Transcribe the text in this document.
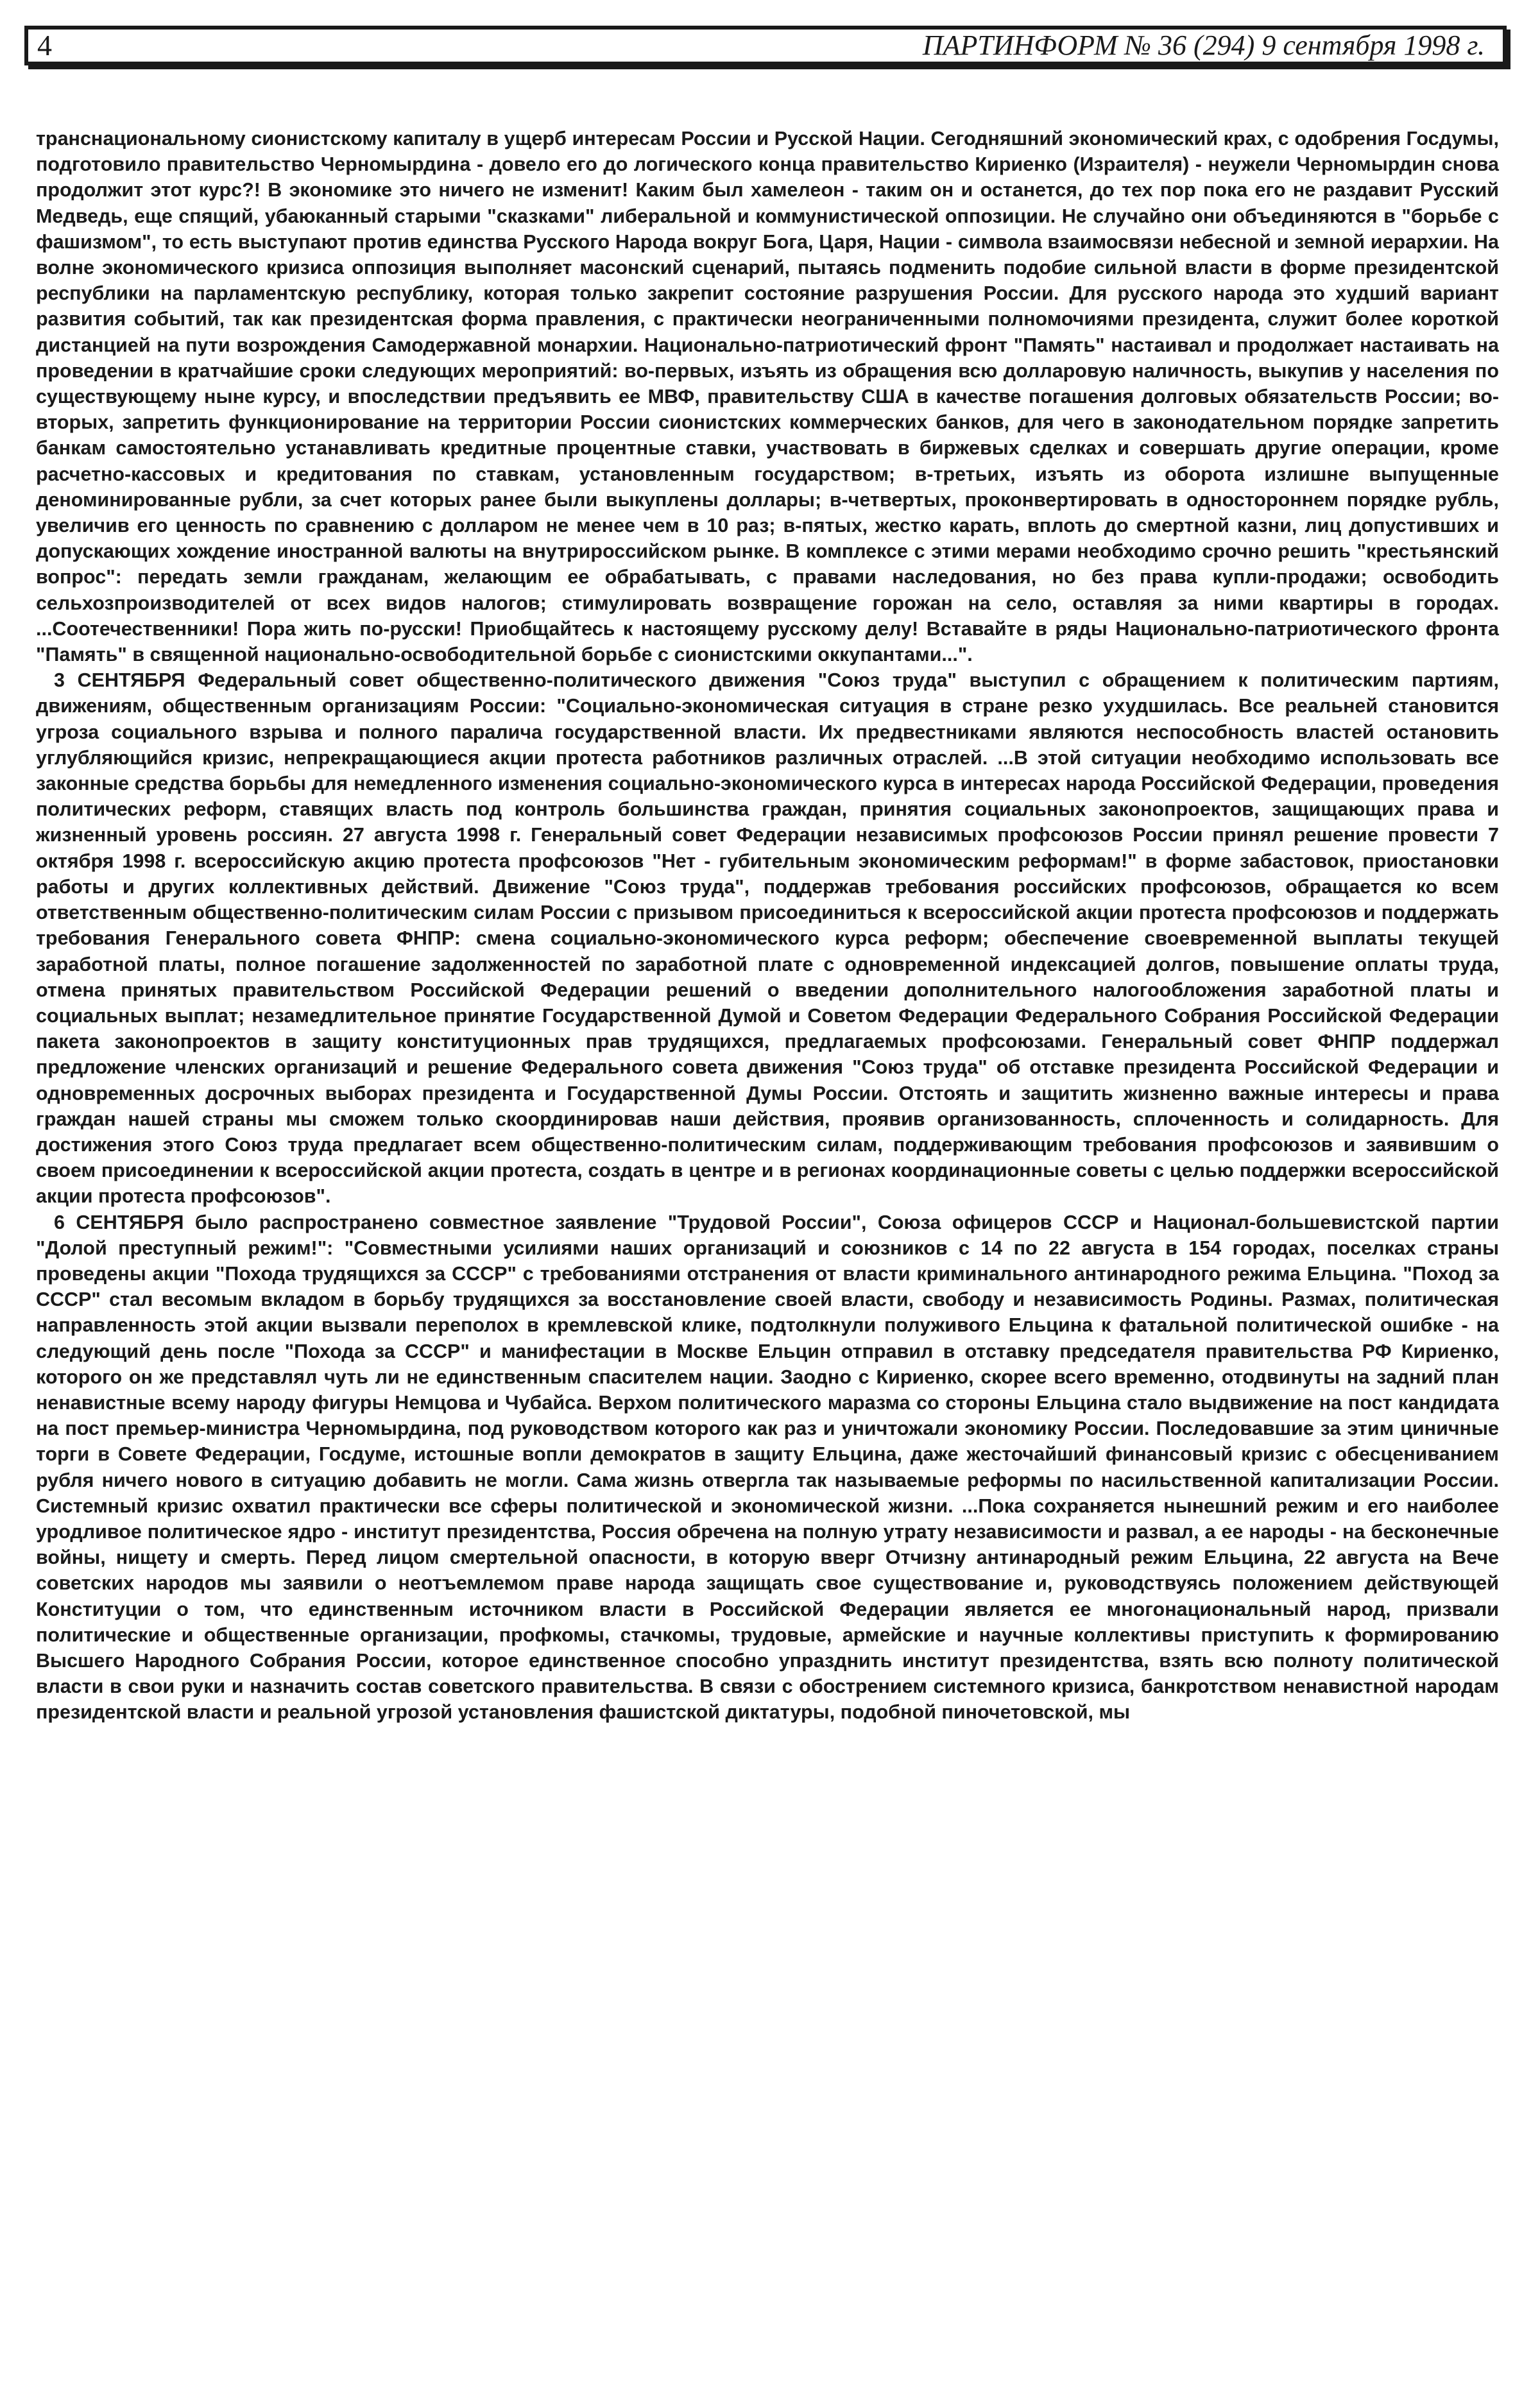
4	ПАРТИНФОРМ № 36 (294) 9 сентября 1998 г.

транснациональному сионистскому капиталу в ущерб интересам России и Русской Нации. Сегодняшний экономический крах, с одобрения Госдумы, подготовило правительство Черномырдина - довело его до логического конца правительство Кириенко (Израителя) - неужели Черномырдин снова продолжит этот курс?! В экономике это ничего не изменит! Каким был хамелеон - таким он и останется, до тех пор пока его не раздавит Русский Медведь, еще спящий, убаюканный старыми "сказками" либеральной и коммунистической оппозиции. Не случайно они объединяются в "борьбе с фашизмом", то есть выступают против единства Русского Народа вокруг Бога, Царя, Нации - символа взаимосвязи небесной и земной иерархии. На волне экономического кризиса оппозиция выполняет масонский сценарий, пытаясь подменить подобие сильной власти в форме президентской республики на парламентскую республику, которая только закрепит состояние разрушения России. Для русского народа это худший вариант развития событий, так как президентская форма правления, с практически неограниченными полномочиями президента, служит более короткой дистанцией на пути возрождения Самодержавной монархии. Национально-патриотический фронт "Память" настаивал и продолжает настаивать на проведении в кратчайшие сроки следующих мероприятий: во-первых, изъять из обращения всю долларовую наличность, выкупив у населения по существующему ныне курсу, и впоследствии предъявить ее МВФ, правительству США в качестве погашения долговых обязательств России; во-вторых, запретить функционирование на территории России сионистских коммерческих банков, для чего в законодательном порядке запретить банкам самостоятельно устанавливать кредитные процентные ставки, участвовать в биржевых сделках и совершать другие операции, кроме расчетно-кассовых и кредитования по ставкам, установленным государством; в-третьих, изъять из оборота излишне выпущенные деноминированные рубли, за счет которых ранее были выкуплены доллары; в-четвертых, проконвертировать в одностороннем порядке рубль, увеличив его ценность по сравнению с долларом не менее чем в 10 раз; в-пятых, жестко карать, вплоть до смертной казни, лиц допустивших и допускающих хождение иностранной валюты на внутрироссийском рынке. В комплексе с этими мерами необходимо срочно решить "крестьянский вопрос": передать земли гражданам, желающим ее обрабатывать, с правами наследования, но без права купли-продажи; освободить сельхозпроизводителей от всех видов налогов; стимулировать возвращение горожан на село, оставляя за ними квартиры в городах. ...Соотечественники! Пора жить по-русски! Приобщайтесь к настоящему русскому делу! Вставайте в ряды Национально-патриотического фронта "Память" в священной национально-освободительной борьбе с сионистскими оккупантами...".

3 СЕНТЯБРЯ Федеральный совет общественно-политического движения "Союз труда" выступил с обращением к политическим партиям, движениям, общественным организациям России: "Социально-экономическая ситуация в стране резко ухудшилась. Все реальней становится угроза социального взрыва и полного паралича государственной власти. Их предвестниками являются неспособность властей остановить углубляющийся кризис, непрекращающиеся акции протеста работников различных отраслей. ...В этой ситуации необходимо использовать все законные средства борьбы для немедленного изменения социально-экономического курса в интересах народа Российской Федерации, проведения политических реформ, ставящих власть под контроль большинства граждан, принятия социальных законопроектов, защищающих права и жизненный уровень россиян. 27 августа 1998 г. Генеральный совет Федерации независимых профсоюзов России принял решение провести 7 октября 1998 г. всероссийскую акцию протеста профсоюзов "Нет - губительным экономическим реформам!" в форме забастовок, приостановки работы и других коллективных действий. Движение "Союз труда", поддержав требования российских профсоюзов, обращается ко всем ответственным общественно-политическим силам России с призывом присоединиться к всероссийской акции протеста профсоюзов и поддержать требования Генерального совета ФНПР: смена социально-экономического курса реформ; обеспечение своевременной выплаты текущей заработной платы, полное погашение задолженностей по заработной плате с одновременной индексацией долгов, повышение оплаты труда, отмена принятых правительством Российской Федерации решений о введении дополнительного налогообложения заработной платы и социальных выплат; незамедлительное принятие Государственной Думой и Советом Федерации Федерального Собрания Российской Федерации пакета законопроектов в защиту конституционных прав трудящихся, предлагаемых профсоюзами. Генеральный совет ФНПР поддержал предложение членских организаций и решение Федерального совета движения "Союз труда" об отставке президента Российской Федерации и одновременных досрочных выборах президента и Государственной Думы России. Отстоять и защитить жизненно важные интересы и права граждан нашей страны мы сможем только скоординировав наши действия, проявив организованность, сплоченность и солидарность. Для достижения этого Союз труда предлагает всем общественно-политическим силам, поддерживающим требования профсоюзов и заявившим о своем присоединении к всероссийской акции протеста, создать в центре и в регионах координационные советы с целью поддержки всероссийской акции протеста профсоюзов".

6 СЕНТЯБРЯ было распространено совместное заявление "Трудовой России", Союза офицеров СССР и Национал-большевистской партии "Долой преступный режим!": "Совместными усилиями наших организаций и союзников с 14 по 22 августа в 154 городах, поселках страны проведены акции "Похода трудящихся за СССР" с требованиями отстранения от власти криминального антинародного режима Ельцина. "Поход за СССР" стал весомым вкладом в борьбу трудящихся за восстановление своей власти, свободу и независимость Родины. Размах, политическая направленность этой акции вызвали переполох в кремлевской клике, подтолкнули полуживого Ельцина к фатальной политической ошибке - на следующий день после "Похода за СССР" и манифестации в Москве Ельцин отправил в отставку председателя правительства РФ Кириенко, которого он же представлял чуть ли не единственным спасителем нации. Заодно с Кириенко, скорее всего временно, отодвинуты на задний план ненавистные всему народу фигуры Немцова и Чубайса. Верхом политического маразма со стороны Ельцина стало выдвижение на пост кандидата на пост премьер-министра Черномырдина, под руководством которого как раз и уничтожали экономику России. Последовавшие за этим циничные торги в Совете Федерации, Госдуме, истошные вопли демократов в защиту Ельцина, даже жесточайший финансовый кризис с обесцениванием рубля ничего нового в ситуацию добавить не могли. Сама жизнь отвергла так называемые реформы по насильственной капитализации России. Системный кризис охватил практически все сферы политической и экономической жизни. ...Пока сохраняется нынешний режим и его наиболее уродливое политическое ядро - институт президентства, Россия обречена на полную утрату независимости и развал, а ее народы - на бесконечные войны, нищету и смерть. Перед лицом смертельной опасности, в которую вверг Отчизну антинародный режим Ельцина, 22 августа на Вече советских народов мы заявили о неотъемлемом праве народа защищать свое существование и, руководствуясь положением действующей Конституции о том, что единственным источником власти в Российской Федерации является ее многонациональный народ, призвали политические и общественные организации, профкомы, стачкомы, трудовые, армейские и научные коллективы приступить к формированию Высшего Народного Собрания России, которое единственное способно упразднить институт президентства, взять всю полноту политической власти в свои руки и назначить состав советского правительства. В связи с обострением системного кризиса, банкротством ненавистной народам президентской власти и реальной угрозой установления фашистской диктатуры, подобной пиночетовской, мы
